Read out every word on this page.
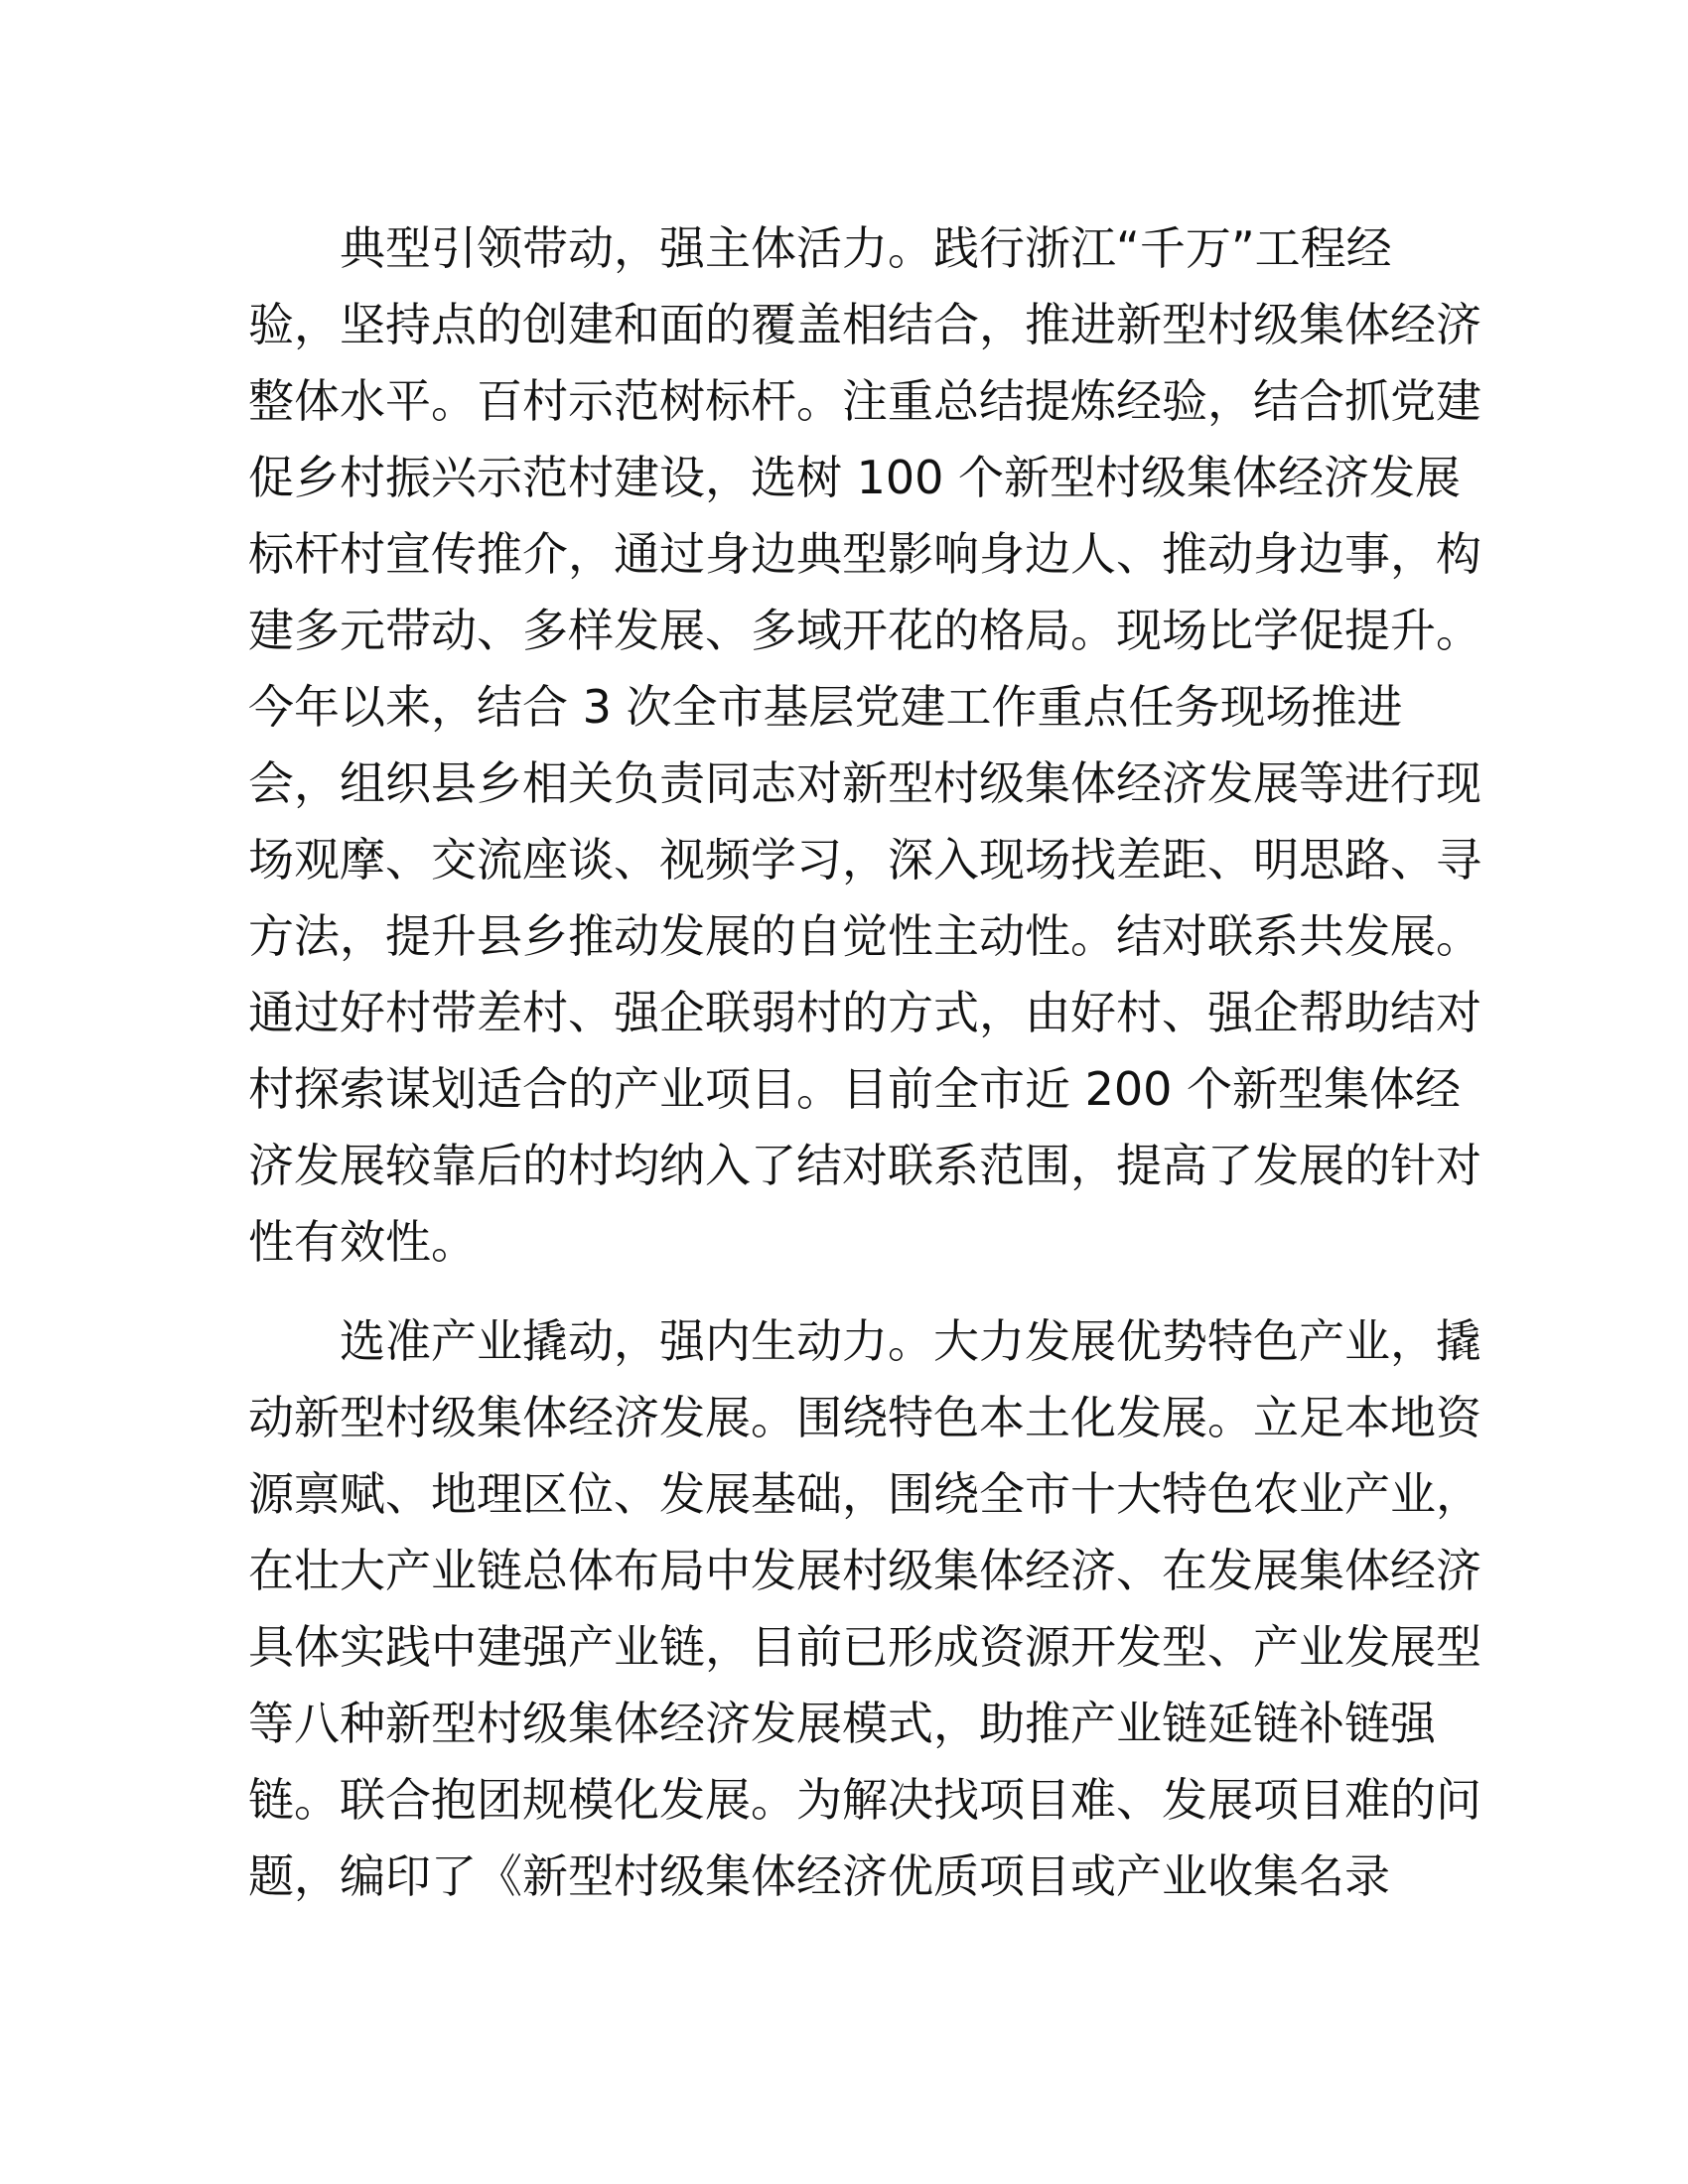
　　典型引领带动，强主体活力。践行浙江“千万”工程经
验，坚持点的创建和面的覆盖相结合，推进新型村级集体经济
整体水平。百村示范树标杆。注重总结提炼经验，结合抓党建
促乡村振兴示范村建设，选树 100 个新型村级集体经济发展
标杆村宣传推介，通过身边典型影响身边人、推动身边事，构
建多元带动、多样发展、多域开花的格局。现场比学促提升。
今年以来，结合 3 次全市基层党建工作重点任务现场推进
会，组织县乡相关负责同志对新型村级集体经济发展等进行现
场观摩、交流座谈、视频学习，深入现场找差距、明思路、寻
方法，提升县乡推动发展的自觉性主动性。结对联系共发展。
通过好村带差村、强企联弱村的方式，由好村、强企帮助结对
村探索谋划适合的产业项目。目前全市近 200 个新型集体经
济发展较靠后的村均纳入了结对联系范围，提高了发展的针对
性有效性。
　　选准产业撬动，强内生动力。大力发展优势特色产业，撬
动新型村级集体经济发展。围绕特色本土化发展。立足本地资
源禀赋、地理区位、发展基础，围绕全市十大特色农业产业，
在壮大产业链总体布局中发展村级集体经济、在发展集体经济
具体实践中建强产业链，目前已形成资源开发型、产业发展型
等八种新型村级集体经济发展模式，助推产业链延链补链强
链。联合抱团规模化发展。为解决找项目难、发展项目难的问
题，编印了《新型村级集体经济优质项目或产业收集名录
